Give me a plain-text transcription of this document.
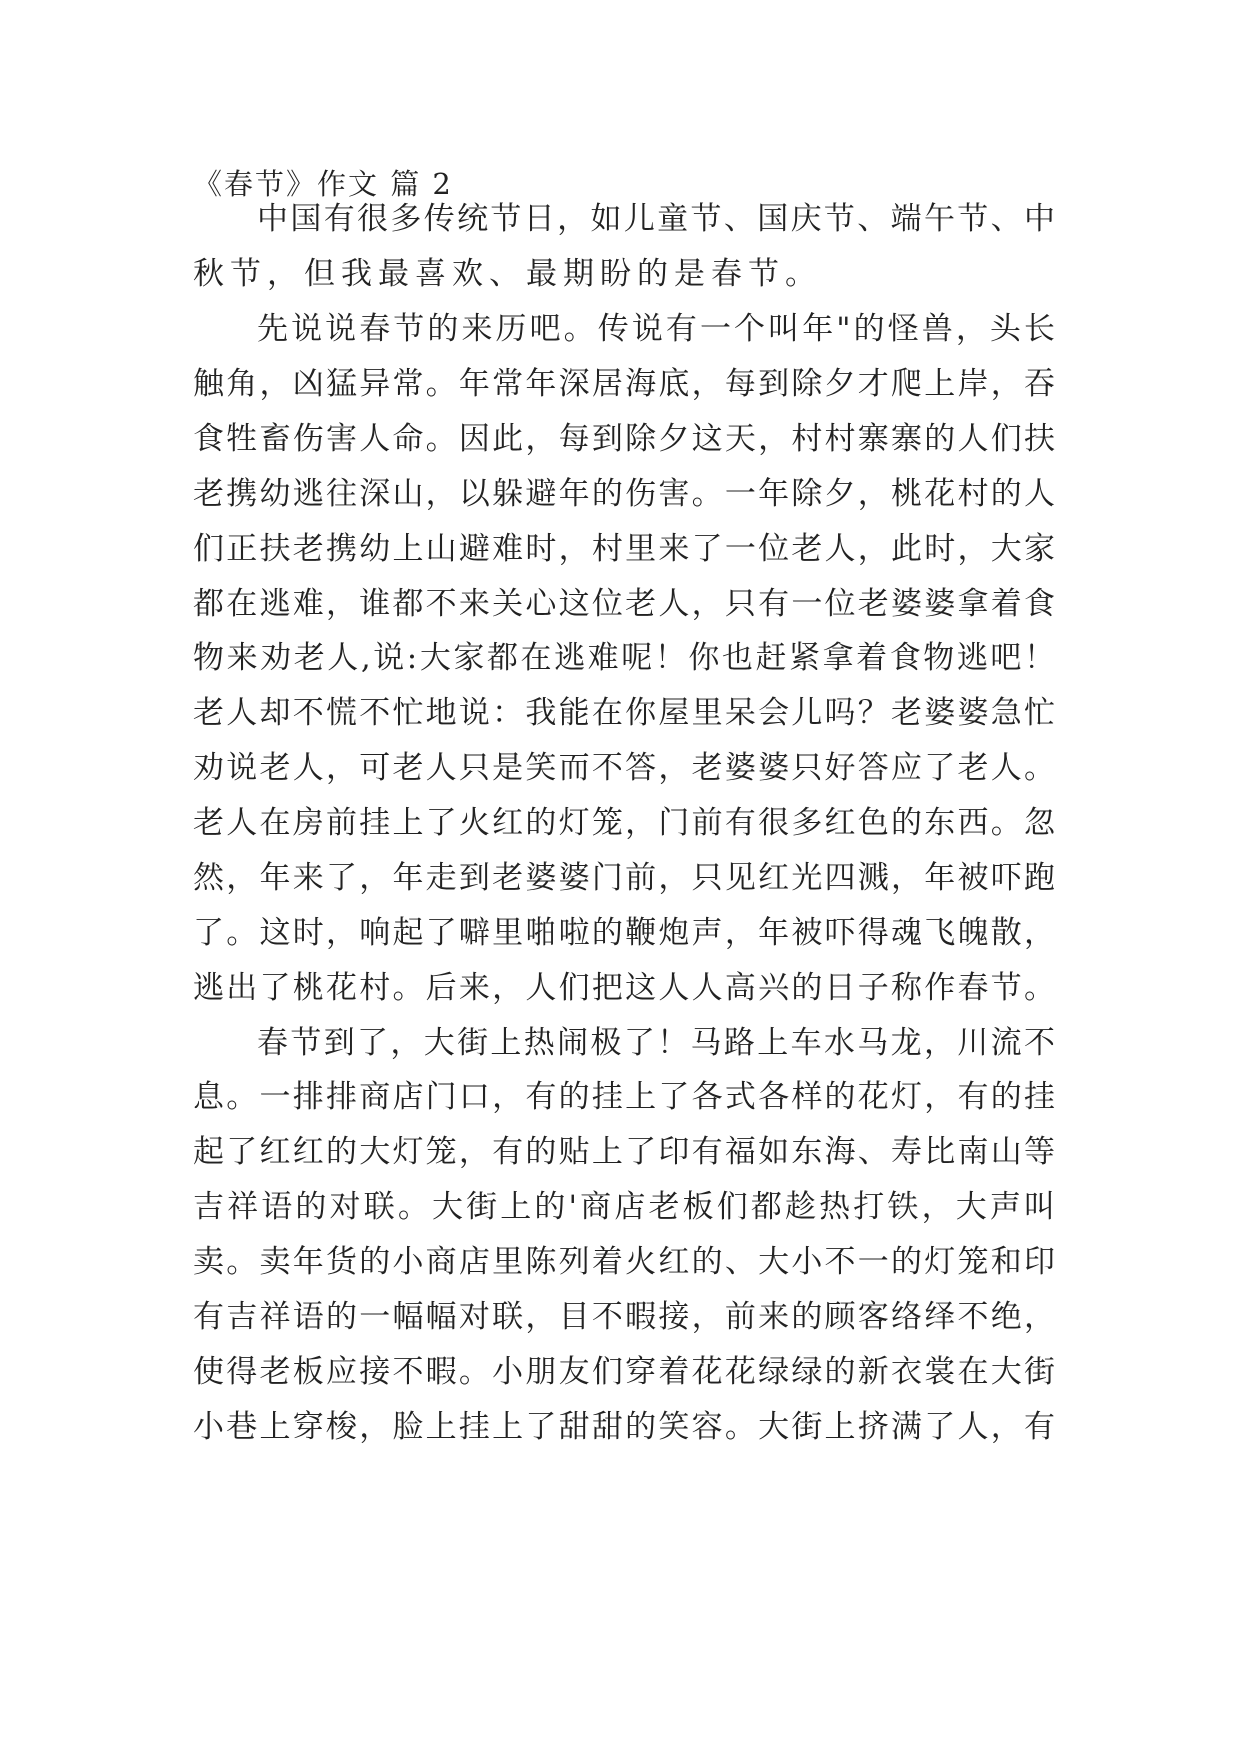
《春节》作文 篇 2
中国有很多传统节日，如儿童节、国庆节、端午节、中
秋节，但我最喜欢、最期盼的是春节。
先说说春节的来历吧。传说有一个叫年"的怪兽，头长
触角，凶猛异常。年常年深居海底，每到除夕才爬上岸，吞
食牲畜伤害人命。因此，每到除夕这天，村村寨寨的人们扶
老携幼逃往深山，以躲避年的伤害。一年除夕，桃花村的人
们正扶老携幼上山避难时，村里来了一位老人，此时，大家
都在逃难，谁都不来关心这位老人，只有一位老婆婆拿着食
物来劝老人,说:大家都在逃难呢！你也赶紧拿着食物逃吧！
老人却不慌不忙地说：我能在你屋里呆会儿吗？老婆婆急忙
劝说老人，可老人只是笑而不答，老婆婆只好答应了老人。
老人在房前挂上了火红的灯笼，门前有很多红色的东西。忽
然，年来了，年走到老婆婆门前，只见红光四溅，年被吓跑
了。这时，响起了噼里啪啦的鞭炮声，年被吓得魂飞魄散，
逃出了桃花村。后来，人们把这人人高兴的日子称作春节。
春节到了，大街上热闹极了！马路上车水马龙，川流不
息。一排排商店门口，有的挂上了各式各样的花灯，有的挂
起了红红的大灯笼，有的贴上了印有福如东海、寿比南山等
吉祥语的对联。大街上的'商店老板们都趁热打铁，大声叫
卖。卖年货的小商店里陈列着火红的、大小不一的灯笼和印
有吉祥语的一幅幅对联，目不暇接，前来的顾客络绎不绝，
使得老板应接不暇。小朋友们穿着花花绿绿的新衣裳在大街
小巷上穿梭，脸上挂上了甜甜的笑容。大街上挤满了人，有
